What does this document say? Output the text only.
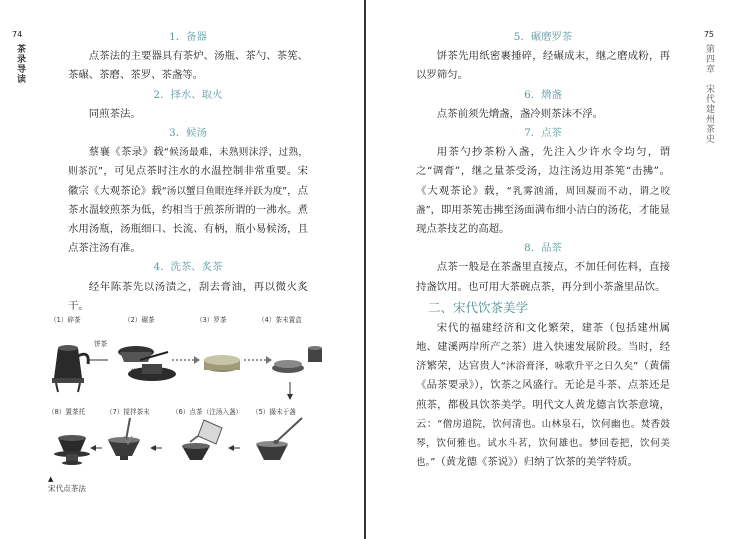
74
茶录导读
1．备器

点茶法的主要器具有茶炉、汤瓶、茶勺、茶筅、茶碾、茶磨、茶罗、茶盏等。

2．择水、取火

同煎茶法。

3．候汤

蔡襄《茶录》载“候汤最难，未熟则沫浮，过熟，则茶沉”，可见点茶时注水的水温控制非常重要。宋徽宗《大观茶论》载“汤以蟹目鱼眼连绎并跃为度”，点茶水温较煎茶为低，约相当于煎茶所谓的一沸水。煮水用汤瓶，汤瓶细口、长流、有柄，瓶小易候汤，且点茶注汤有准。

4．洗茶、炙茶

经年陈茶先以汤渍之，刮去膏油，再以微火炙干。

（1）碎茶	（2）碾茶	（3）罗茶	（4）茶末置盒
饼茶
（8）置茶托	（7）搅拌茶末	（6）点茶（注汤入盏） （5）撮末于盏
▲
宋代点茶法
75
第四章　宋代建州茶史
5．碾磨罗茶

饼茶先用纸密裹捶碎，经碾成末，继之磨成粉，再以罗筛匀。

6．熁盏

点茶前须先熁盏，盏冷则茶沫不浮。

7．点茶

用茶勺抄茶粉入盏，先注入少许水令均匀，谓之“调膏”，继之量茶受汤，边注汤边用茶筅“击拂”。《大观茶论》载，“乳雾汹涌，周回凝而不动，谓之咬盏”，即用茶筅击拂至汤面满布细小洁白的汤花，才能显现点茶技艺的高超。

8．品茶

点茶一般是在茶盏里直接点，不加任何佐料，直接持盏饮用。也可用大茶碗点茶，再分到小茶盏里品饮。

二、宋代饮茶美学

宋代的福建经济和文化繁荣，建茶（包括建州属地、建溪两岸所产之茶）进入快速发展阶段。当时，经济繁荣，达官贵人“沐浴膏泽，咏歌升平之日久矣”（黄儒《品茶要录》），饮茶之风盛行。无论是斗茶、点茶还是煎茶，都极具饮茶美学。明代文人黄龙德言饮茶意境，云：“僧房道院，饮何清也。山林泉石，饮何幽也。焚香鼓琴，饮何雅也。试水斗茗，饮何雄也。梦回卷把，饮何美也。”（黄龙德《茶说》）归纳了饮茶的美学特质。
